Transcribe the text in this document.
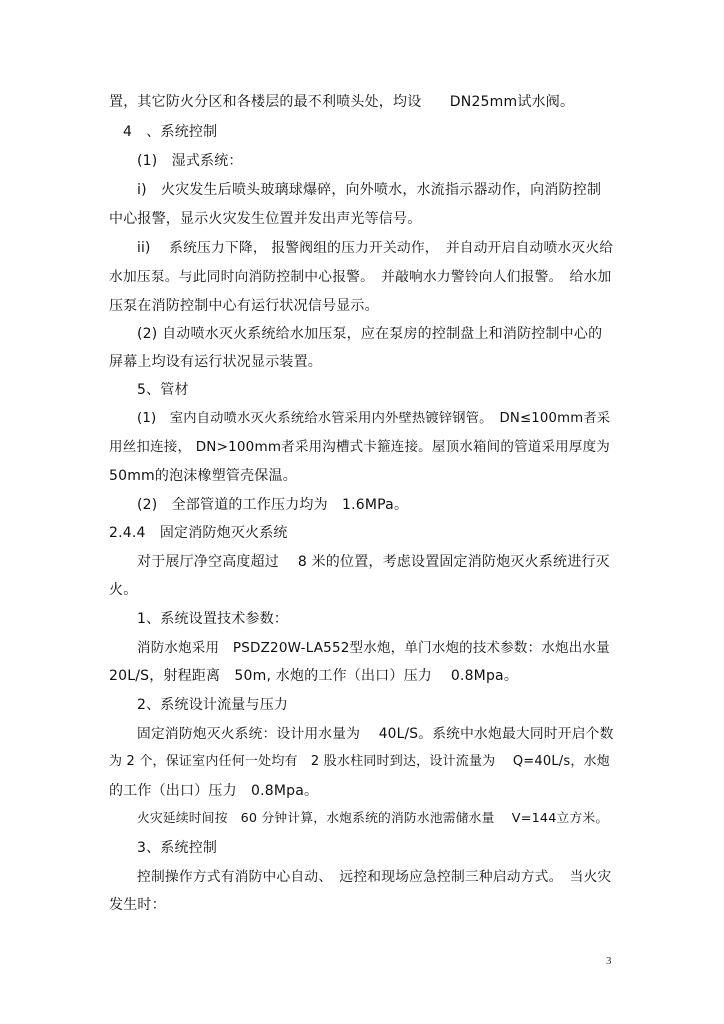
置，其它防火分区和各楼层的最不利喷头处，均设　　DN25mm试水阀。
4　、系统控制
(1)　湿式系统：
i)　火灾发生后喷头玻璃球爆碎，向外喷水，水流指示器动作，向消防控制
中心报警，显示火灾发生位置并发出声光等信号。
ii)　 系统压力下降， 报警阀组的压力开关动作，　并自动开启自动喷水灭火给
水加压泵。与此同时向消防控制中心报警。　并敲响水力警铃向人们报警。　给水加
压泵在消防控制中心有运行状况信号显示。
(2) 自动喷水灭火系统给水加压泵，应在泵房的控制盘上和消防控制中心的
屏幕上均设有运行状况显示装置。
5、管材
(1)　室内自动喷水灭火系统给水管采用内外壁热镀锌钢管。　DN≤100mm者采
用丝扣连接， DN>100mm者采用沟槽式卡箍连接。屋顶水箱间的管道采用厚度为
50mm的泡沫橡塑管壳保温。
(2)　全部管道的工作压力均为　1.6MPa。
2.4.4　固定消防炮灭火系统
对于展厅净空高度超过　 8 米的位置，考虑设置固定消防炮灭火系统进行灭
火。
1、系统设置技术参数：
消防水炮采用　PSDZ20W-LA552型水炮，单门水炮的技术参数：水炮出水量
20L/S，射程距离　50m, 水炮的工作（出口）压力　 0.8Mpa。
2、系统设计流量与压力
固定消防炮灭火系统：设计用水量为　 40L/S。系统中水炮最大同时开启个数
为 2 个，保证室内任何一处均有　2 股水柱同时到达，设计流量为　 Q=40L/s，水炮
的工作（出口）压力　0.8Mpa。
火灾延续时间按　60 分钟计算，水炮系统的消防水池需储水量　 V=144立方米。
3、系统控制
控制操作方式有消防中心自动、　远控和现场应急控制三种启动方式。　当火灾
发生时：
3
